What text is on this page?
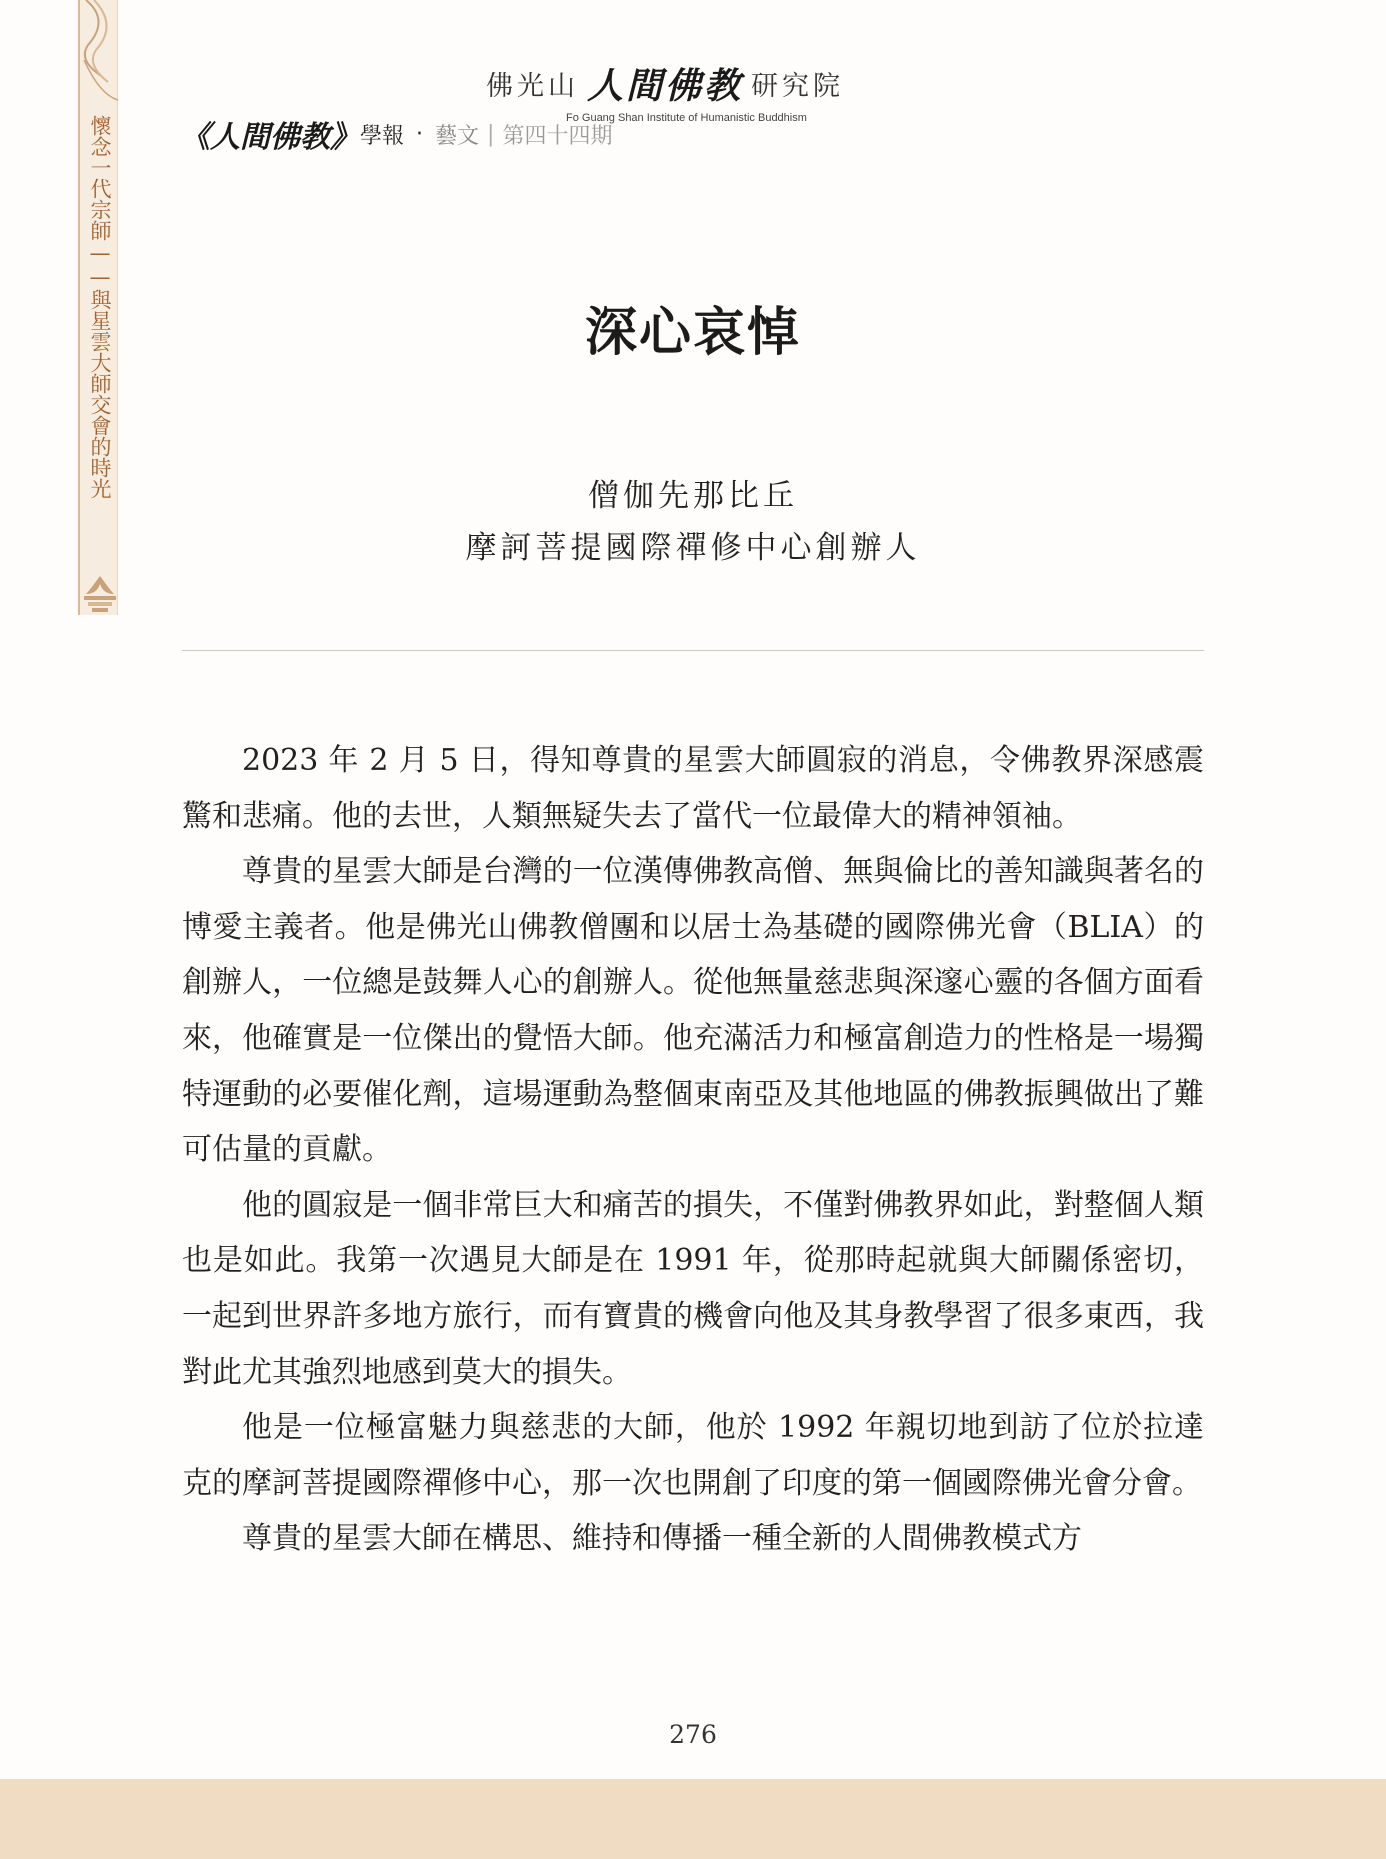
懷念一代宗師——與星雲大師交會的時光
佛光山 人間佛教 研究院
Fo Guang Shan Institute of Humanistic Buddhism
《人間佛教》 學報 ‧ 藝文 | 第四十四期
深心哀悼
僧伽先那比丘
摩訶菩提國際禪修中心創辦人

2023 年 2 月 5 日，得知尊貴的星雲大師圓寂的消息，令佛教界深感震驚和悲痛。他的去世，人類無疑失去了當代一位最偉大的精神領袖。

尊貴的星雲大師是台灣的一位漢傳佛教高僧、無與倫比的善知識與著名的博愛主義者。他是佛光山佛教僧團和以居士為基礎的國際佛光會（BLIA）的創辦人，一位總是鼓舞人心的創辦人。從他無量慈悲與深邃心靈的各個方面看來，他確實是一位傑出的覺悟大師。他充滿活力和極富創造力的性格是一場獨特運動的必要催化劑，這場運動為整個東南亞及其他地區的佛教振興做出了難可估量的貢獻。

他的圓寂是一個非常巨大和痛苦的損失，不僅對佛教界如此，對整個人類也是如此。我第一次遇見大師是在 1991 年，從那時起就與大師關係密切，一起到世界許多地方旅行，而有寶貴的機會向他及其身教學習了很多東西，我對此尤其強烈地感到莫大的損失。

他是一位極富魅力與慈悲的大師，他於 1992 年親切地到訪了位於拉達克的摩訶菩提國際禪修中心，那一次也開創了印度的第一個國際佛光會分會。

尊貴的星雲大師在構思、維持和傳播一種全新的人間佛教模式方

276
